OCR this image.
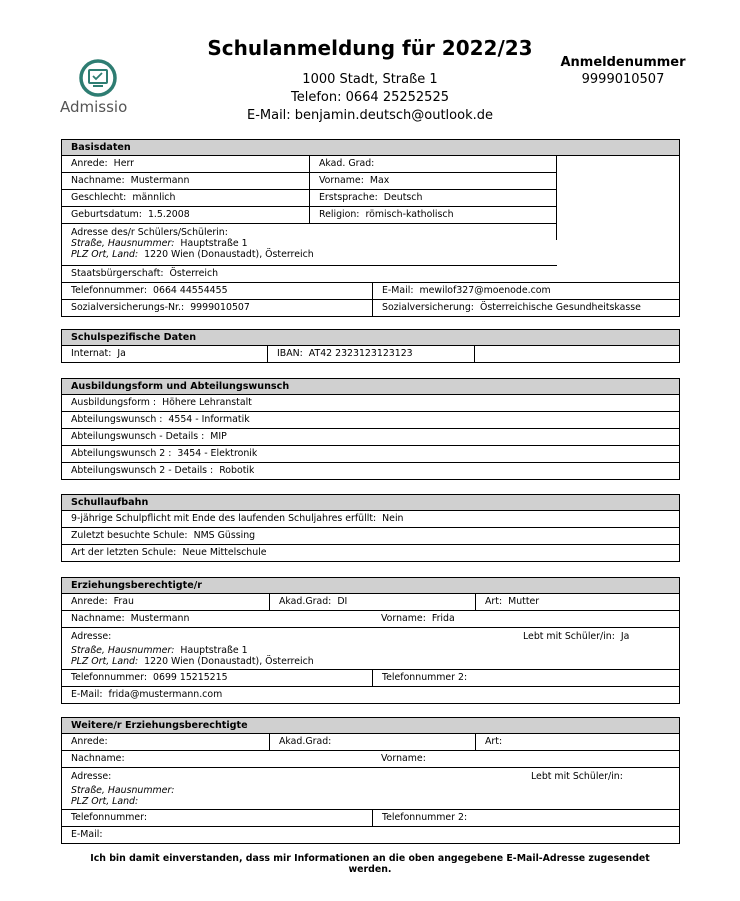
Schulanmeldung für 2022/23
1000 Stadt, Straße 1
Telefon: 0664 25252525
E-Mail: benjamin.deutsch@outlook.de
Anmeldenummer
9999010507
Admissio
Basisdaten
Anrede: Herr	Akad. Grad:
Nachname: Mustermann	Vorname: Max
Geschlecht: männlich	Erstsprache: Deutsch
Geburtsdatum: 1.5.2008	Religion: römisch-katholisch
Adresse des/r Schülers/Schülerin:
Straße, Hausnummer: Hauptstraße 1
PLZ Ort, Land: 1220 Wien (Donaustadt), Österreich
Staatsbürgerschaft: Österreich
Telefonnummer: 0664 44554455	E-Mail: mewilof327@moenode.com
Sozialversicherungs-Nr.: 9999010507	Sozialversicherung: Österreichische Gesundheitskasse
Schulspezifische Daten
Internat: Ja	IBAN: AT42 2323123123123
Ausbildungsform und Abteilungswunsch
Ausbildungsform : Höhere Lehranstalt
Abteilungswunsch : 4554 - Informatik
Abteilungswunsch - Details : MIP
Abteilungswunsch 2 : 3454 - Elektronik
Abteilungswunsch 2 - Details : Robotik
Schullaufbahn
9-jährige Schulpflicht mit Ende des laufenden Schuljahres erfüllt: Nein
Zuletzt besuchte Schule: NMS Güssing
Art der letzten Schule: Neue Mittelschule
Erziehungsberechtigte/r
Anrede: Frau	Akad.Grad: DI	Art: Mutter
Nachname: Mustermann	Vorname: Frida
Adresse:
Straße, Hausnummer: Hauptstraße 1
PLZ Ort, Land: 1220 Wien (Donaustadt), Österreich
Lebt mit Schüler/in: Ja
Telefonnummer: 0699 15215215	Telefonnummer 2:
E-Mail: frida@mustermann.com
Weitere/r Erziehungsberechtigte
Anrede:	Akad.Grad:	Art:
Nachname:	Vorname:
Adresse:
Straße, Hausnummer:
PLZ Ort, Land:
Lebt mit Schüler/in:
Telefonnummer:	Telefonnummer 2:
E-Mail:
Ich bin damit einverstanden, dass mir Informationen an die oben angegebene E-Mail-Adresse zugesendet werden.
